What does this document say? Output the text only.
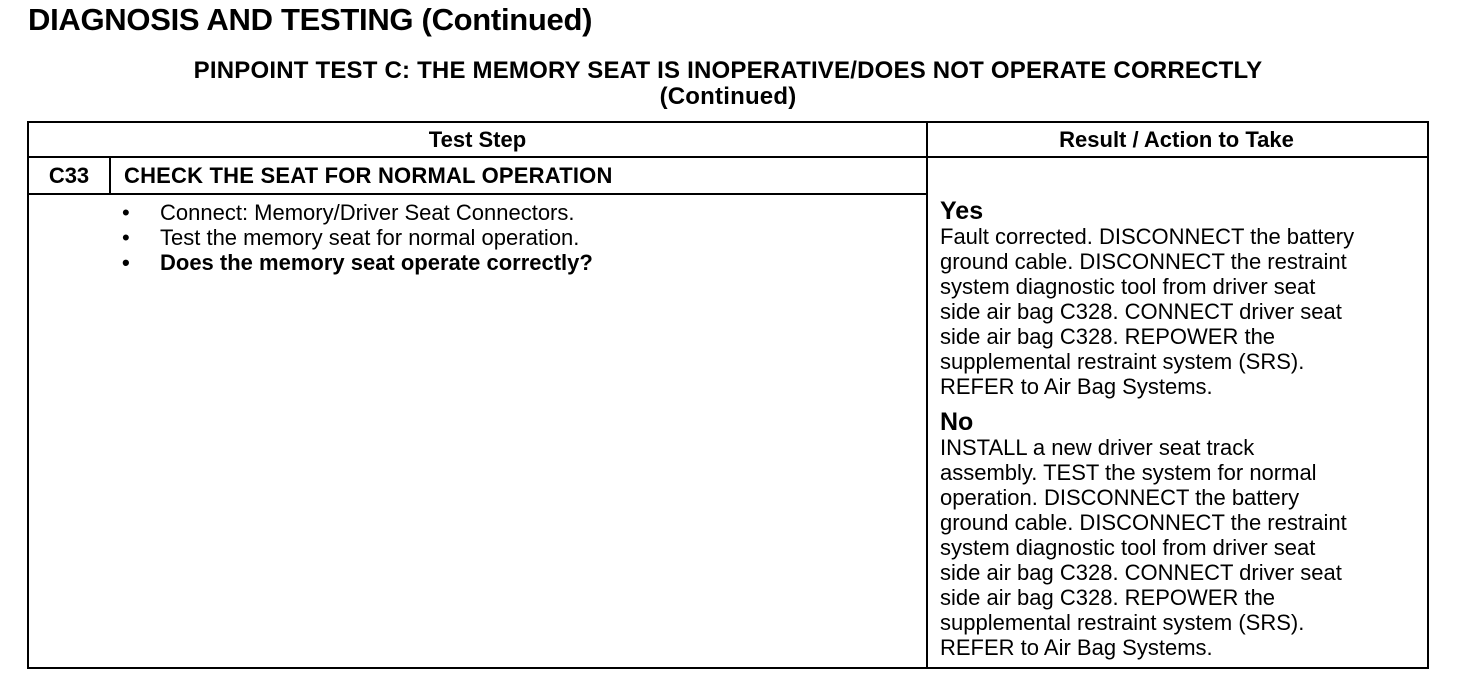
DIAGNOSIS AND TESTING (Continued)
PINPOINT TEST C: THE MEMORY SEAT IS INOPERATIVE/DOES NOT OPERATE CORRECTLY
(Continued)
Test Step	Result / Action to Take
C33	CHECK THE SEAT FOR NORMAL OPERATION
• Connect: Memory/Driver Seat Connectors.
• Test the memory seat for normal operation.
• Does the memory seat operate correctly?
Yes
Fault corrected. DISCONNECT the battery
ground cable. DISCONNECT the restraint
system diagnostic tool from driver seat
side air bag C328. CONNECT driver seat
side air bag C328. REPOWER the
supplemental restraint system (SRS).
REFER to Air Bag Systems.
No
INSTALL a new driver seat track
assembly. TEST the system for normal
operation. DISCONNECT the battery
ground cable. DISCONNECT the restraint
system diagnostic tool from driver seat
side air bag C328. CONNECT driver seat
side air bag C328. REPOWER the
supplemental restraint system (SRS).
REFER to Air Bag Systems.
